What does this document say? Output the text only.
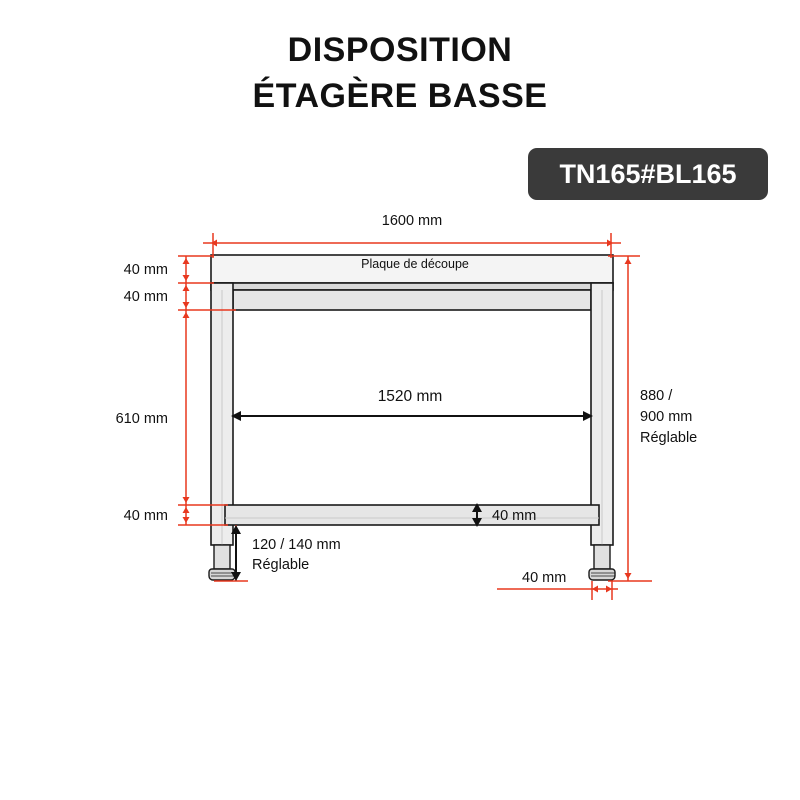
DISPOSITION
ÉTAGÈRE BASSE
TN165#BL165
1600 mm
Plaque de découpe
40 mm
40 mm
610 mm
40 mm
1520 mm
40 mm
120 / 140 mm
Réglable
40 mm
880 /
900 mm
Réglable
